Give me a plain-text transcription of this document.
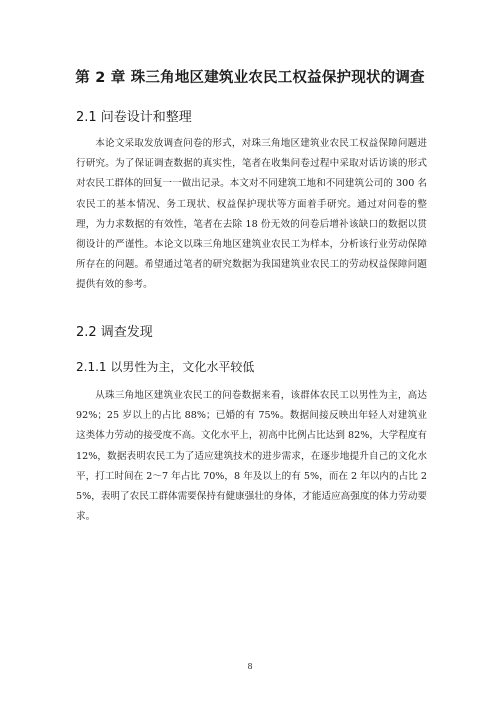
第 2 章 珠三角地区建筑业农民工权益保护现状的调查
2.1 问卷设计和整理

本论文采取发放调查问卷的形式，对珠三角地区建筑业农民工权益保障问题进行研究。为了保证调查数据的真实性，笔者在收集问卷过程中采取对话访谈的形式对农民工群体的回复一一做出记录。本文对不同建筑工地和不同建筑公司的 300 名农民工的基本情况、务工现状、权益保护现状等方面着手研究。通过对问卷的整理，为力求数据的有效性，笔者在去除 18 份无效的问卷后增补该缺口的数据以贯彻设计的严谨性。本论文以珠三角地区建筑业农民工为样本，分析该行业劳动保障所存在的问题。希望通过笔者的研究数据为我国建筑业农民工的劳动权益保障问题提供有效的参考。

2.2 调查发现
2.1.1 以男性为主，文化水平较低

从珠三角地区建筑业农民工的问卷数据来看，该群体农民工以男性为主，高达 92%；25 岁以上的占比 88%；已婚的有 75%。数据间接反映出年轻人对建筑业这类体力劳动的接受度不高。文化水平上，初高中比例占比达到 82%，大学程度有 12%，数据表明农民工为了适应建筑技术的进步需求，在逐步地提升自己的文化水平，打工时间在 2～7 年占比 70%，8 年及以上的有 5%，而在 2 年以内的占比 25%，表明了农民工群体需要保持有健康强壮的身体，才能适应高强度的体力劳动要求。

8
